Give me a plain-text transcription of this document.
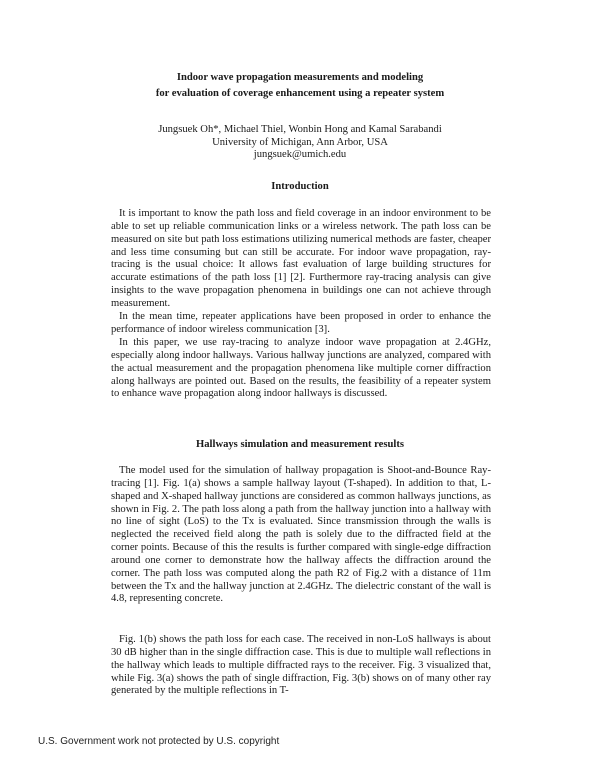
Indoor wave propagation measurements and modeling
for evaluation of coverage enhancement using a repeater system
Jungsuek Oh*, Michael Thiel, Wonbin Hong and Kamal Sarabandi
University of Michigan, Ann Arbor, USA
jungsuek@umich.edu
Introduction

It is important to know the path loss and field coverage in an indoor environment to be able to set up reliable communication links or a wireless network. The path loss can be measured on site but path loss estimations utilizing numerical methods are faster, cheaper and less time consuming but can still be accurate. For indoor wave propagation, ray-tracing is the usual choice: It allows fast evaluation of large building structures for accurate estimations of the path loss [1] [2]. Furthermore ray-tracing analysis can give insights to the wave propagation phenomena in buildings one can not achieve through measurement.

In the mean time, repeater applications have been proposed in order to enhance the performance of indoor wireless communication [3].

In this paper, we use ray-tracing to analyze indoor wave propagation at 2.4GHz, especially along indoor hallways. Various hallway junctions are analyzed, compared with the actual measurement and the propagation phenomena like multiple corner diffraction along hallways are pointed out. Based on the results, the feasibility of a repeater system to enhance wave propagation along indoor hallways is discussed.

Hallways simulation and measurement results

The model used for the simulation of hallway propagation is Shoot-and-Bounce Ray-tracing [1]. Fig. 1(a) shows a sample hallway layout (T-shaped). In addition to that, L-shaped and X-shaped hallway junctions are considered as common hallways junctions, as shown in Fig. 2. The path loss along a path from the hallway junction into a hallway with no line of sight (LoS) to the Tx is evaluated. Since transmission through the walls is neglected the received field along the path is solely due to the diffracted field at the corner points. Because of this the results is further compared with single-edge diffraction around one corner to demonstrate how the hallway affects the diffraction around the corner. The path loss was computed along the path R2 of Fig.2 with a distance of 11m between the Tx and the hallway junction at 2.4GHz. The dielectric constant of the wall is 4.8, representing concrete.

Fig. 1(b) shows the path loss for each case. The received in non-LoS hallways is about 30 dB higher than in the single diffraction case. This is due to multiple wall reflections in the hallway which leads to multiple diffracted rays to the receiver. Fig. 3 visualized that, while Fig. 3(a) shows the path of single diffraction, Fig. 3(b) shows on of many other ray generated by the multiple reflections in T-

U.S. Government work not protected by U.S. copyright
